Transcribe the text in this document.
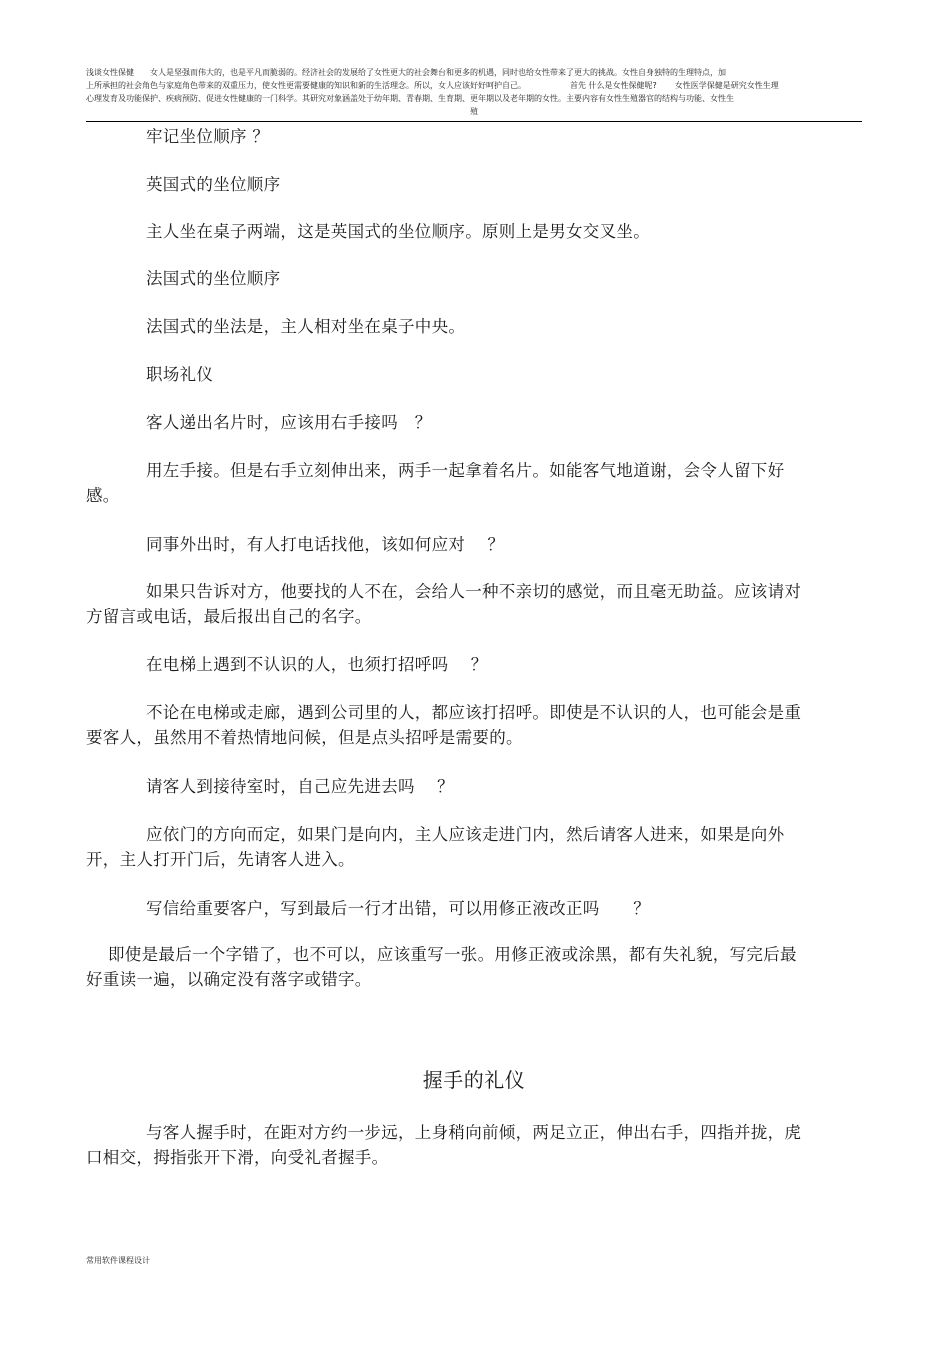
浅谈女性保健 女人是坚强而伟大的，也是平凡而脆弱的。经济社会的发展给了女性更大的社会舞台和更多的机遇，同时也给女性带来了更大的挑战。女性自身独特的生理特点，加
上所承担的社会角色与家庭角色带来的双重压力，使女性更需要健康的知识和新的生活理念。所以，女人应该好好呵护自己。	首先 什么是女性保健呢? 女性医学保健是研究女性生理
心理发育及功能保护、疾病预防、促进女性健康的一门科学。其研究对象涵盖处于幼年期、青春期、生育期、更年期以及老年期的女性。主要内容有女性生殖器官的结构与功能、女性生
殖

牢记坐位顺序 ？

英国式的坐位顺序

主人坐在桌子两端，这是英国式的坐位顺序。原则上是男女交叉坐。

法国式的坐位顺序

法国式的坐法是，主人相对坐在桌子中央。

职场礼仪

客人递出名片时，应该用右手接吗　？

用左手接。但是右手立刻伸出来，两手一起拿着名片。如能客气地道谢，会令人留下好感。

同事外出时，有人打电话找他，该如何应对　 ？

如果只告诉对方，他要找的人不在，会给人一种不亲切的感觉，而且毫无助益。应该请对方留言或电话，最后报出自己的名字。

在电梯上遇到不认识的人，也须打招呼吗　 ？

不论在电梯或走廊，遇到公司里的人，都应该打招呼。即使是不认识的人，也可能会是重要客人，虽然用不着热情地问候，但是点头招呼是需要的。

请客人到接待室时，自己应先进去吗　 ？

应依门的方向而定，如果门是向内，主人应该走进门内，然后请客人进来，如果是向外开，主人打开门后，先请客人进入。

写信给重要客户，写到最后一行才出错，可以用修正液改正吗　　？

即使是最后一个字错了，也不可以，应该重写一张。用修正液或涂黑，都有失礼貌，写完后最好重读一遍，以确定没有落字或错字。

握手的礼仪

与客人握手时，在距对方约一步远，上身稍向前倾，两足立正，伸出右手，四指并拢，虎口相交，拇指张开下滑，向受礼者握手。

常用软件课程设计
